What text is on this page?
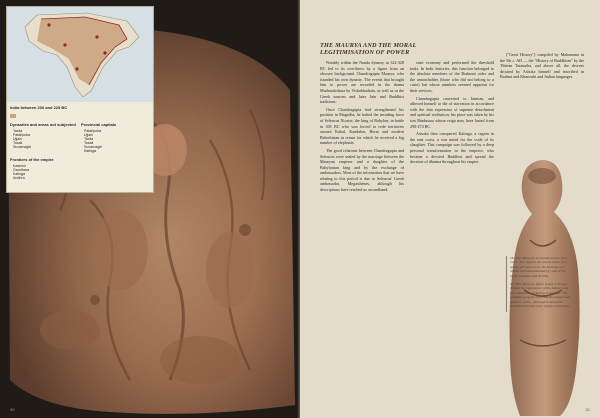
India between 200 and 225 BC
Dynasties and areas not subjected
Taxila
Pataliputra
Ujjain
Tosali
Suvarnagiri
Provincial capitals
Pataliputra
Ujjain
Taxila
Tosali
Suvarnagiri
Kalinga
Frontiers of the empire
Kashmir
Gandhara
Kalinga
Andhra
30
THE MAURYA AND THE MORAL
LEGITIMISATION OF POWER

Notably within the Nanda dynasty in 322-320 BC led to its overthrow by a figure from an obscure background. Chandragupta Maurya, who founded his own dynasty. The events that brought him to power are recorded in the drama Mudrarakshasa by Vishakhadatta, as well as in the Greek sources and later Jain and Buddhist traditions.

Once Chandragupta had strengthened his position in Magadha, he halted the invading force of Seleucus Nicator, the king of Babylon, in battle in 305 BC who was forced to cede territories around Kabul, Kandahar, Herat and modern Baluchistan in return for which he received a big number of elephants.

The good relations between Chandragupta and Seleucus were sealed by the marriage between the Mauryan emperor and a daughter of the Babylonian king and by the exchange of ambassadors. Most of the information that we have relating to this period is due to Seleucus' Greek ambassador, Megasthenes, although his descriptions have reached us secondhand.

state economy and performed the threshold tasks. In Indic histories, this function belonged to the absolute members of the Brahmin order and the untouchables (those who did not belong to a caste) but whose numbers seemed apparent for their services.

Chandragupta converted to Jainism, and allowed himself to die of starvation in accordance with the Jain expression of supreme detachment and spiritual realisation; his place was taken by his son Bindusara whose reign may have lasted from 298-274 BC.

Ashoka then conquered Kalinga, a region in the east coast, a war noted for the scale of its slaughter. This campaign was followed by a deep personal transformation in the emperor, who became a devoted Buddhist and spread the doctrine of dharma throughout his empire.

("Great History") compiled by Mahanama in the 5th c. AD — the "History of Buddhism" by the Tibetan Taranatha, and above all, the decrees dictated by Ashoka himself and inscribed in Brahmi and Kharosthi and Indian languages.

26. This Mauryan terracotta article (3rd-2nd c. BC) depicts the classic theme of a spring girl and a tree, the heritage of a remote period dominated by cults of the Great Goddess and fertility.

27. This Mauryan figure found in Bengal reveals the importance of the bathers and the enthusiasm of daring ornaments. The probable purpose of terracotta images was ritual or votive, although it cannot be excluded that they were simply ornaments.

31
